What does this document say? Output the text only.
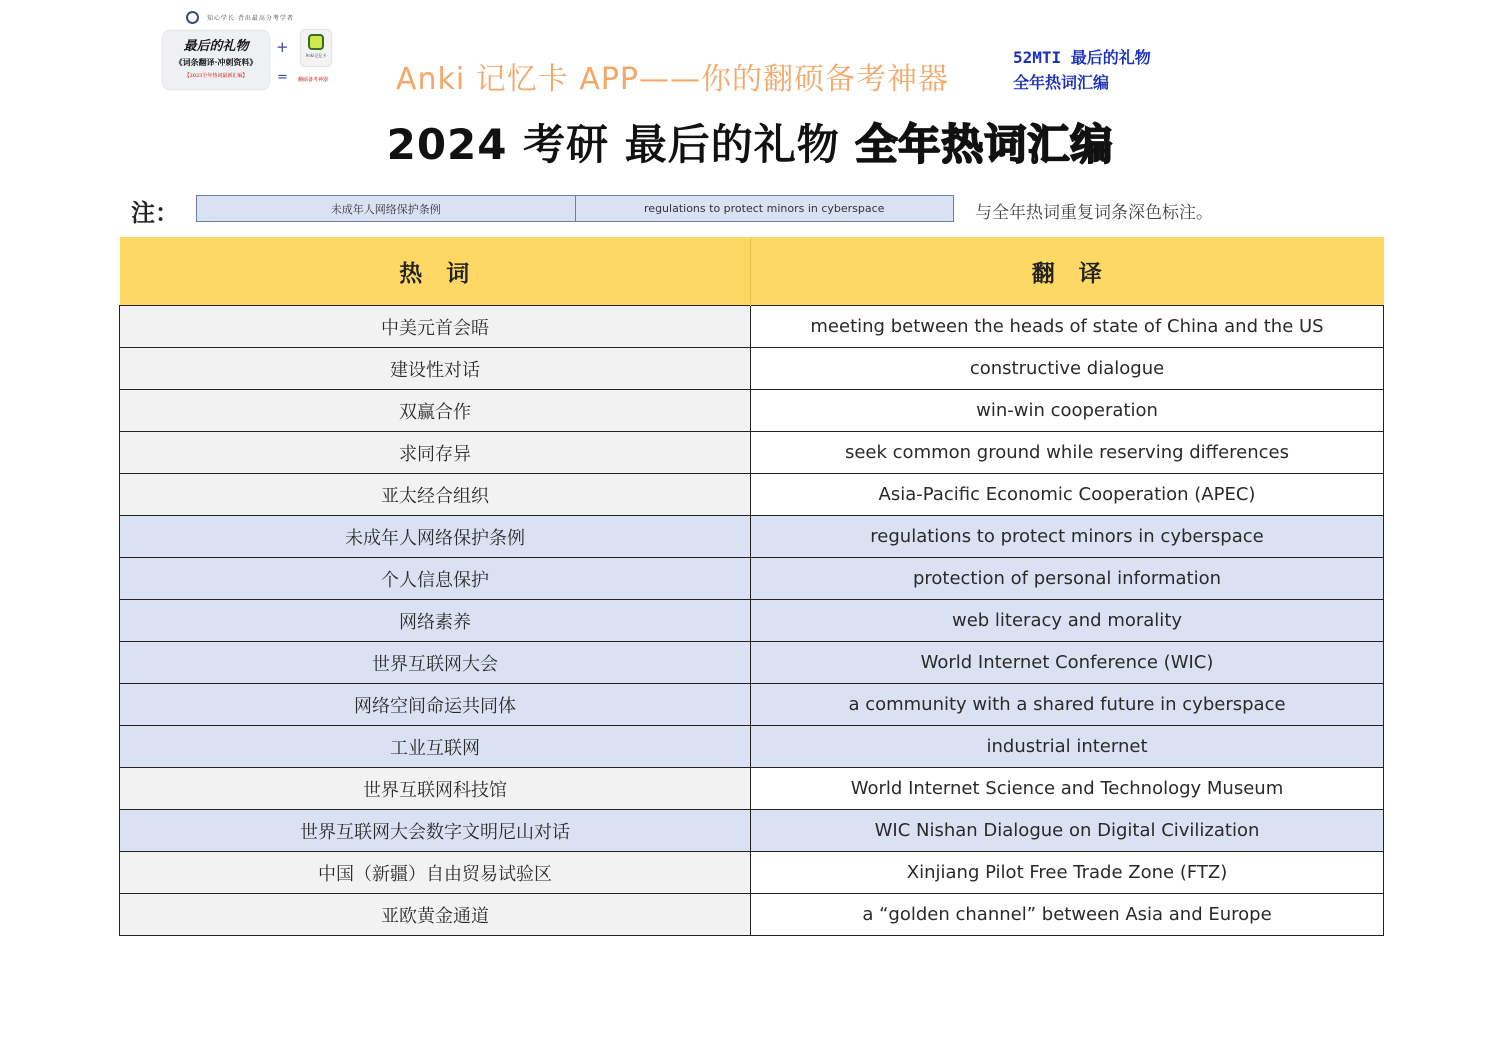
知心学长 背出最高分考学者
最后的礼物
《词条翻译·冲刺资料》
【2023全年热词最新汇编】
+
=
Anki记忆卡
翻硕备考神器 Anki 记忆卡 APP——你的翻硕备考神器
52MTI 最后的礼物
全年热词汇编
2024 考研 最后的礼物 全年热词汇编
注：	未成年人网络保护条例	regulations to protect minors in cyberspace	与全年热词重复词条深色标注。
热词	翻译
中美元首会晤	meeting between the heads of state of China and the US
建设性对话	constructive dialogue
双赢合作	win-win cooperation
求同存异	seek common ground while reserving differences
亚太经合组织	Asia-Pacific Economic Cooperation (APEC)
未成年人网络保护条例	regulations to protect minors in cyberspace
个人信息保护	protection of personal information
网络素养	web literacy and morality
世界互联网大会	World Internet Conference (WIC)
网络空间命运共同体	a community with a shared future in cyberspace
工业互联网	industrial internet
世界互联网科技馆	World Internet Science and Technology Museum
世界互联网大会数字文明尼山对话	WIC Nishan Dialogue on Digital Civilization
中国（新疆）自由贸易试验区	Xinjiang Pilot Free Trade Zone (FTZ)
亚欧黄金通道	a “golden channel” between Asia and Europe
